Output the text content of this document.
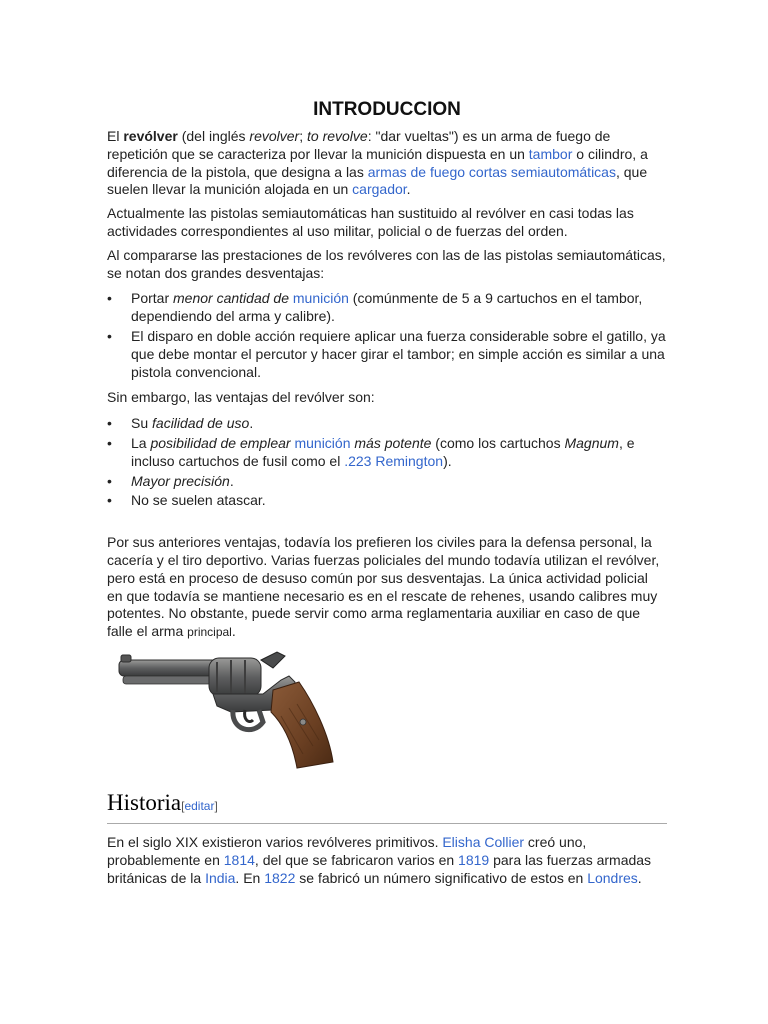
INTRODUCCION

El revólver (del inglés revolver; to revolve: "dar vueltas") es un arma de fuego de repetición que se caracteriza por llevar la munición dispuesta en un tambor o cilindro, a diferencia de la pistola, que designa a las armas de fuego cortas semiautomáticas, que suelen llevar la munición alojada en un cargador.

Actualmente las pistolas semiautomáticas han sustituido al revólver en casi todas las actividades correspondientes al uso militar, policial o de fuerzas del orden.

Al compararse las prestaciones de los revólveres con las de las pistolas semiautomáticas, se notan dos grandes desventajas:

• Portar menor cantidad de munición (comúnmente de 5 a 9 cartuchos en el tambor, dependiendo del arma y calibre).
• El disparo en doble acción requiere aplicar una fuerza considerable sobre el gatillo, ya que debe montar el percutor y hacer girar el tambor; en simple acción es similar a una pistola convencional.

Sin embargo, las ventajas del revólver son:

• Su facilidad de uso.
• La posibilidad de emplear munición más potente (como los cartuchos Magnum, e incluso cartuchos de fusil como el .223 Remington).
• Mayor precisión.
• No se suelen atascar.

Por sus anteriores ventajas, todavía los prefieren los civiles para la defensa personal, la cacería y el tiro deportivo. Varias fuerzas policiales del mundo todavía utilizan el revólver, pero está en proceso de desuso común por sus desventajas. La única actividad policial en que todavía se mantiene necesario es en el rescate de rehenes, usando calibres muy potentes. No obstante, puede servir como arma reglamentaria auxiliar en caso de que falle el arma principal.

Historia[editar]

En el siglo XIX existieron varios revólveres primitivos. Elisha Collier creó uno, probablemente en 1814, del que se fabricaron varios en 1819 para las fuerzas armadas británicas de la India. En 1822 se fabricó un número significativo de estos en Londres.
